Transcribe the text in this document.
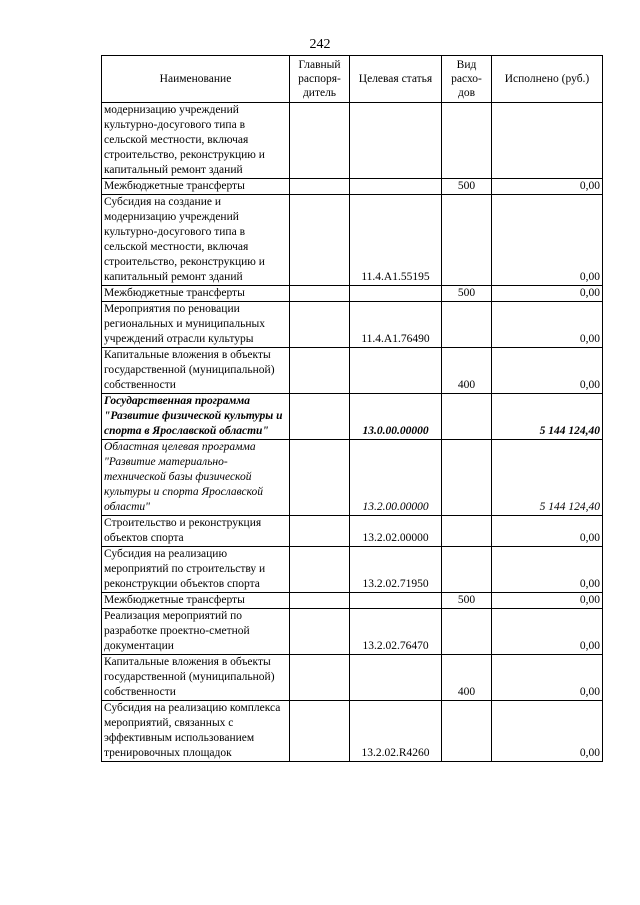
242
Наименование	Главный распоря-дитель	Целевая статья	Вид расхо-дов	Исполнено (руб.)
модернизацию учреждений культурно-досугового типа в сельской местности, включая строительство, реконструкцию и капитальный ремонт зданий				
Межбюджетные трансферты			500	0,00
Субсидия на создание и модернизацию учреждений культурно-досугового типа в сельской местности, включая строительство, реконструкцию и капитальный ремонт зданий		11.4.А1.55195		0,00
Межбюджетные трансферты			500	0,00
Мероприятия по реновации региональных и муниципальных учреждений отрасли культуры		11.4.А1.76490		0,00
Капитальные вложения в объекты государственной (муниципальной) собственности			400	0,00
Государственная программа "Развитие физической культуры и спорта в Ярославской области"		13.0.00.00000		5 144 124,40
Областная целевая программа "Развитие материально-технической базы физической культуры и спорта Ярославской области"		13.2.00.00000		5 144 124,40
Строительство и реконструкция объектов спорта		13.2.02.00000		0,00
Субсидия на реализацию мероприятий по строительству и реконструкции объектов спорта		13.2.02.71950		0,00
Межбюджетные трансферты			500	0,00
Реализация мероприятий по разработке проектно-сметной документации		13.2.02.76470		0,00
Капитальные вложения в объекты государственной (муниципальной) собственности			400	0,00
Субсидия на реализацию комплекса мероприятий, связанных с эффективным использованием тренировочных площадок		13.2.02.R4260		0,00
